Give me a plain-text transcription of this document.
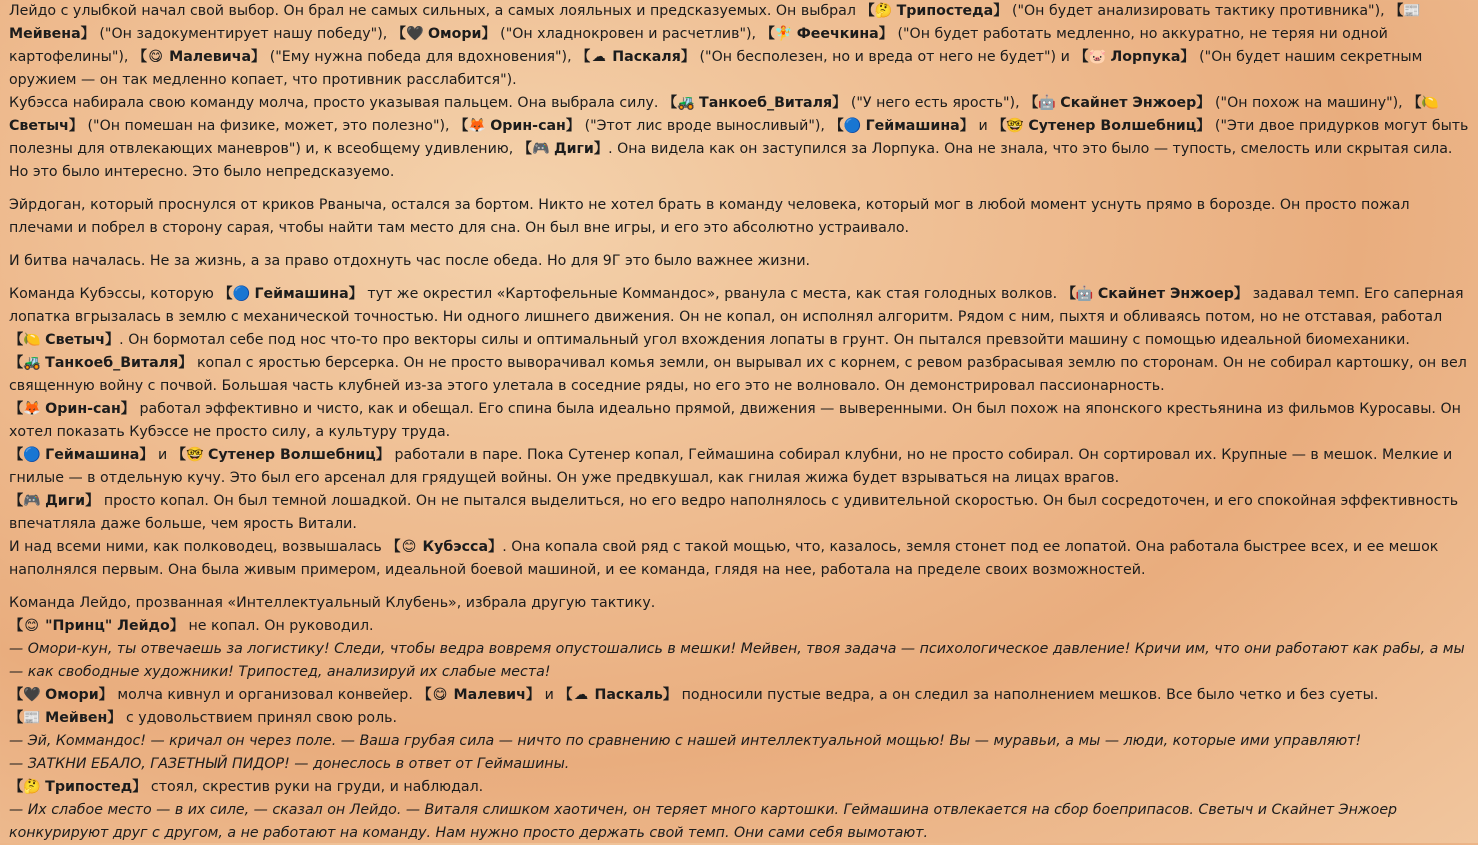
Лейдо с улыбкой начал свой выбор. Он брал не самых сильных, а самых лояльных и предсказуемых. Он выбрал 【🤔 Трипостеда】 ("Он будет анализировать тактику противника"), 【📰
Мейвена】 ("Он задокументирует нашу победу"), 【🖤 Омори】 ("Он хладнокровен и расчетлив"), 【🧚 Феечкина】 ("Он будет работать медленно, но аккуратно, не теряя ни одной картофелины"), 【😋 Малевича】 ("Ему нужна победа для вдохновения"), 【☁ Паскаля】 ("Он бесполезен, но и вреда от него не будет") и 【🐷 Лорпука】 ("Он будет нашим секретным оружием — он так медленно копает, что противник расслабится").

Кубэсса набирала свою команду молча, просто указывая пальцем. Она выбрала силу. 【🚜 Танкоеб_Виталя】 ("У него есть ярость"), 【🤖 Скайнет Энжоер】 ("Он похож на машину"), 【🍋
Светыч】 ("Он помешан на физике, может, это полезно"), 【🦊 Орин-сан】 ("Этот лис вроде выносливый"), 【🔵 Геймашина】 и 【🤓 Сутенер Волшебниц】 ("Эти двое придурков могут быть полезны для отвлекающих маневров") и, к всеобщему удивлению, 【🎮 Диги】. Она видела как он заступился за Лорпука. Она не знала, что это было — тупость, смелость или скрытая сила. Но это было интересно. Это было непредсказуемо.

Эйрдоган, который проснулся от криков Рваныча, остался за бортом. Никто не хотел брать в команду человека, который мог в любой момент уснуть прямо в борозде. Он просто пожал плечами и побрел в сторону сарая, чтобы найти там место для сна. Он был вне игры, и его это абсолютно устраивало.

И битва началась. Не за жизнь, а за право отдохнуть час после обеда. Но для 9Г это было важнее жизни.

Команда Кубэссы, которую 【🔵 Геймашина】 тут же окрестил «Картофельные Коммандос», рванула с места, как стая голодных волков. 【🤖 Скайнет Энжоер】 задавал темп. Его саперная лопатка вгрызалась в землю с механической точностью. Ни одного лишнего движения. Он не копал, он исполнял алгоритм. Рядом с ним, пыхтя и обливаясь потом, но не отставая, работал

【🍋 Светыч】. Он бормотал себе под нос что-то про векторы силы и оптимальный угол вхождения лопаты в грунт. Он пытался превзойти машину с помощью идеальной биомеханики.

【🚜 Танкоеб_Виталя】 копал с яростью берсерка. Он не просто выворачивал комья земли, он вырывал их с корнем, с ревом разбрасывая землю по сторонам. Он не собирал картошку, он вел священную войну с почвой. Большая часть клубней из-за этого улетала в соседние ряды, но его это не волновало. Он демонстрировал пассионарность.

【🦊 Орин-сан】 работал эффективно и чисто, как и обещал. Его спина была идеально прямой, движения — выверенными. Он был похож на японского крестьянина из фильмов Куросавы. Он хотел показать Кубэссе не просто силу, а культуру труда.

【🔵 Геймашина】 и 【🤓 Сутенер Волшебниц】 работали в паре. Пока Сутенер копал, Геймашина собирал клубни, но не просто собирал. Он сортировал их. Крупные — в мешок. Мелкие и гнилые — в отдельную кучу. Это был его арсенал для грядущей войны. Он уже предвкушал, как гнилая жижа будет взрываться на лицах врагов.

【🎮 Диги】 просто копал. Он был темной лошадкой. Он не пытался выделиться, но его ведро наполнялось с удивительной скоростью. Он был сосредоточен, и его спокойная эффективность впечатляла даже больше, чем ярость Витали.

И над всеми ними, как полководец, возвышалась 【😊 Кубэсса】. Она копала свой ряд с такой мощью, что, казалось, земля стонет под ее лопатой. Она работала быстрее всех, и ее мешок наполнялся первым. Она была живым примером, идеальной боевой машиной, и ее команда, глядя на нее, работала на пределе своих возможностей.

Команда Лейдо, прозванная «Интеллектуальный Клубень», избрала другую тактику.

【😊 "Принц" Лейдо】 не копал. Он руководил.

— Омори-кун, ты отвечаешь за логистику! Следи, чтобы ведра вовремя опустошались в мешки! Мейвен, твоя задача — психологическое давление! Кричи им, что они работают как рабы, а мы — как свободные художники! Трипостед, анализируй их слабые места!

【🖤 Омори】 молча кивнул и организовал конвейер. 【😋 Малевич】 и 【☁ Паскаль】 подносили пустые ведра, а он следил за наполнением мешков. Все было четко и без суеты.

【📰 Мейвен】 с удовольствием принял свою роль.

— Эй, Коммандос! — кричал он через поле. — Ваша грубая сила — ничто по сравнению с нашей интеллектуальной мощью! Вы — муравьи, а мы — люди, которые ими управляют!

— ЗАТКНИ ЕБАЛО, ГАЗЕТНЫЙ ПИДОР! — донеслось в ответ от Геймашины.

【🤔 Трипостед】 стоял, скрестив руки на груди, и наблюдал.

— Их слабое место — в их силе, — сказал он Лейдо. — Виталя слишком хаотичен, он теряет много картошки. Геймашина отвлекается на сбор боеприпасов. Светыч и Скайнет Энжоер конкурируют друг с другом, а не работают на команду. Нам нужно просто держать свой темп. Они сами себя вымотают.
